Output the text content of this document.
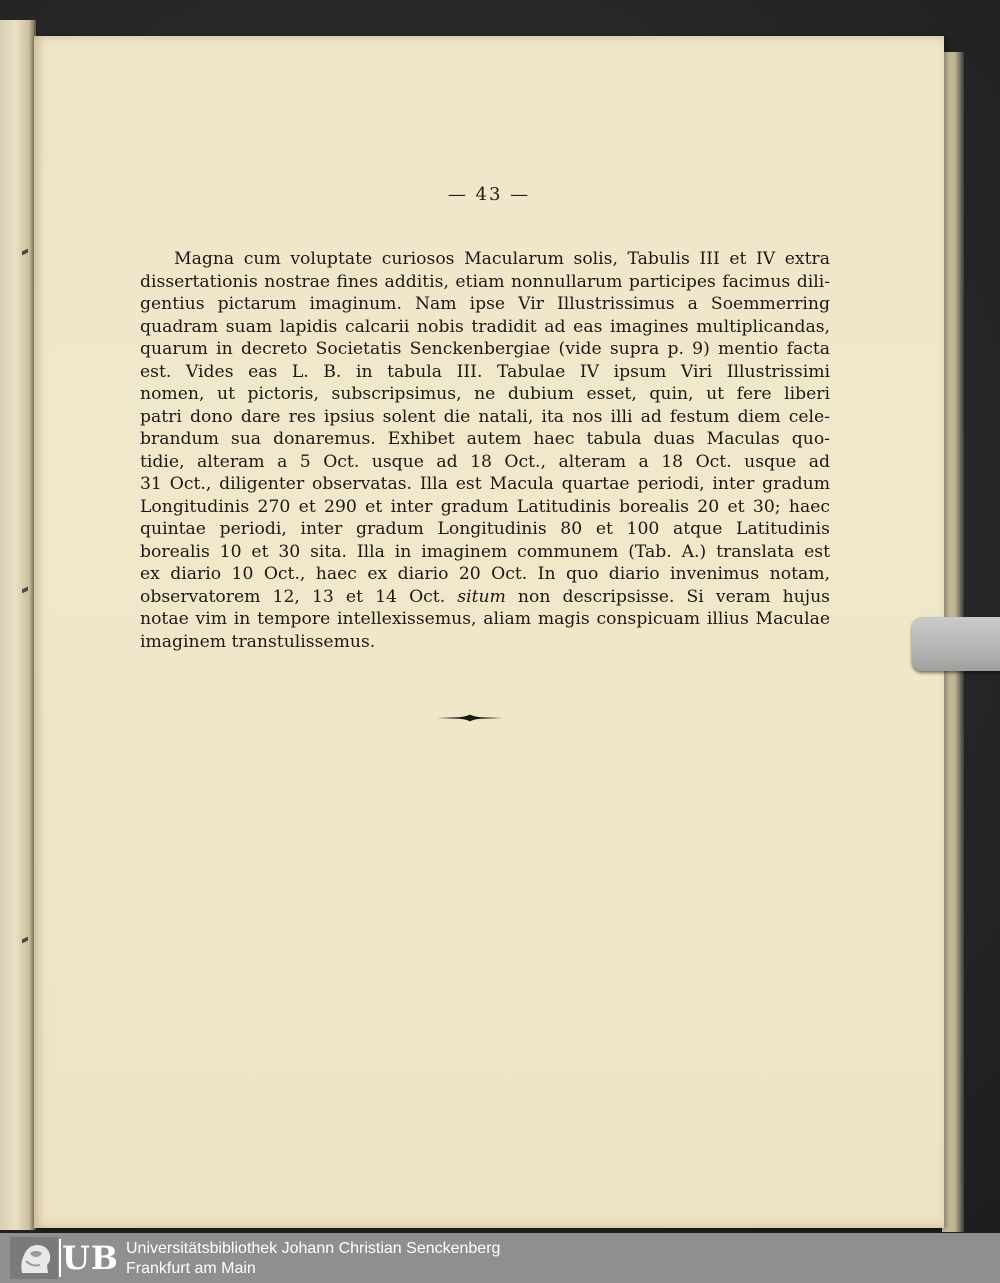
— 43 —
Magna cum voluptate curiosos Macularum solis, Tabulis III et IV extra
dissertationis nostrae fines additis, etiam nonnullarum participes facimus dili-
gentius pictarum imaginum. Nam ipse Vir Illustrissimus a Soemmerring
quadram suam lapidis calcarii nobis tradidit ad eas imagines multiplicandas,
quarum in decreto Societatis Senckenbergiae (vide supra p. 9) mentio facta
est. Vides eas L. B. in tabula III. Tabulae IV ipsum Viri Illustrissimi
nomen, ut pictoris, subscripsimus, ne dubium esset, quin, ut fere liberi
patri dono dare res ipsius solent die natali, ita nos illi ad festum diem cele-
brandum sua donaremus. Exhibet autem haec tabula duas Maculas quo-
tidie, alteram a 5 Oct. usque ad 18 Oct., alteram a 18 Oct. usque ad
31 Oct., diligenter observatas. Illa est Macula quartae periodi, inter gradum
Longitudinis 270 et 290 et inter gradum Latitudinis borealis 20 et 30; haec
quintae periodi, inter gradum Longitudinis 80 et 100 atque Latitudinis
borealis 10 et 30 sita. Illa in imaginem communem (Tab. A.) translata est
ex diario 10 Oct., haec ex diario 20 Oct. In quo diario invenimus notam,
observatorem 12, 13 et 14 Oct. situm non descripsisse. Si veram hujus
notae vim in tempore intellexissemus, aliam magis conspicuam illius Maculae
imaginem transtulissemus.
UB Universitätsbibliothek Johann Christian Senckenberg
Frankfurt am Main
